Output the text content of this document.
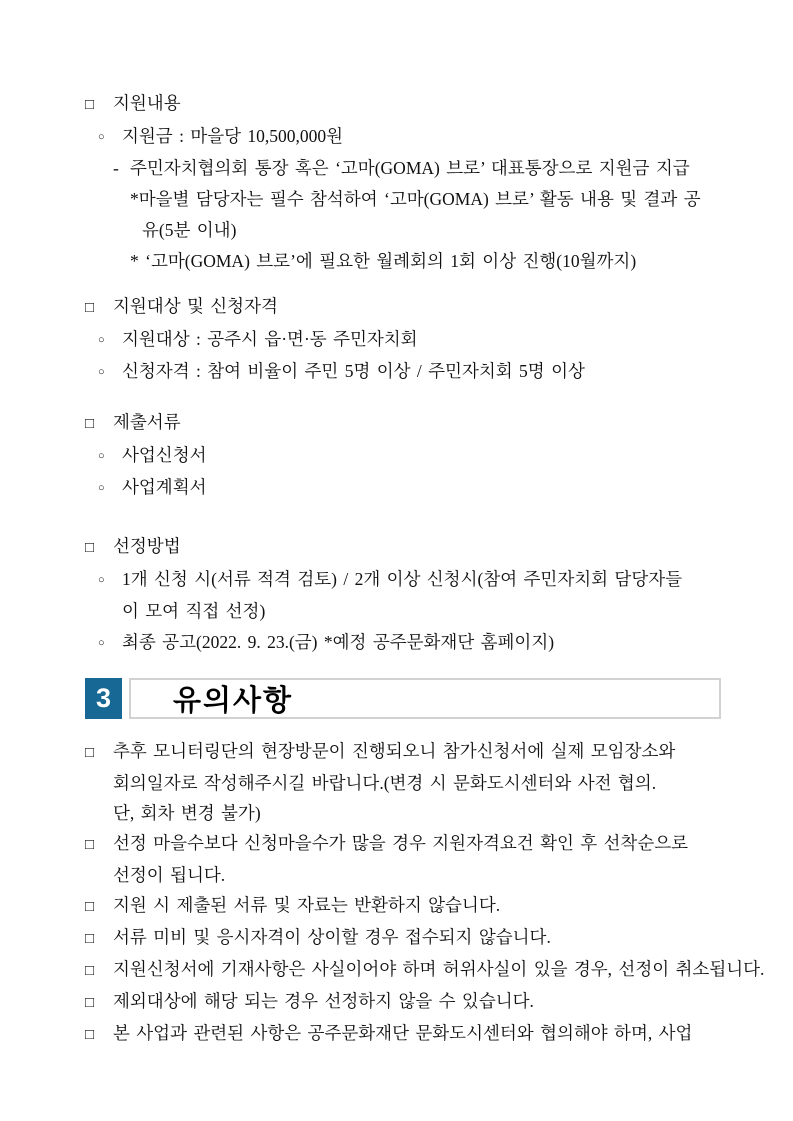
□ 지원내용
○ 지원금 : 마을당 10,500,000원
- 주민자치협의회 통장 혹은 ‘고마(GOMA) 브로’ 대표통장으로 지원금 지급
*마을별 담당자는 필수 참석하여 ‘고마(GOMA) 브로’ 활동 내용 및 결과 공
유(5분 이내)
* ‘고마(GOMA) 브로’에 필요한 월례회의 1회 이상 진행(10월까지)
□ 지원대상 및 신청자격
○ 지원대상 : 공주시 읍·면·동 주민자치회
○ 신청자격 : 참여 비율이 주민 5명 이상 / 주민자치회 5명 이상
□ 제출서류
○ 사업신청서
○ 사업계획서
□ 선정방법
○ 1개 신청 시(서류 적격 검토) / 2개 이상 신청시(참여 주민자치회 담당자들
이 모여 직접 선정)
○ 최종 공고(2022. 9. 23.(금) *예정 공주문화재단 홈페이지)
3	유의사항
□ 추후 모니터링단의 현장방문이 진행되오니 참가신청서에 실제 모임장소와
회의일자로 작성해주시길 바랍니다.(변경 시 문화도시센터와 사전 협의.
단, 회차 변경 불가)
□ 선정 마을수보다 신청마을수가 많을 경우 지원자격요건 확인 후 선착순으로
선정이 됩니다.
□ 지원 시 제출된 서류 및 자료는 반환하지 않습니다.
□ 서류 미비 및 응시자격이 상이할 경우 접수되지 않습니다.
□ 지원신청서에 기재사항은 사실이어야 하며 허위사실이 있을 경우, 선정이 취소됩니다.
□ 제외대상에 해당 되는 경우 선정하지 않을 수 있습니다.
□ 본 사업과 관련된 사항은 공주문화재단 문화도시센터와 협의해야 하며, 사업
